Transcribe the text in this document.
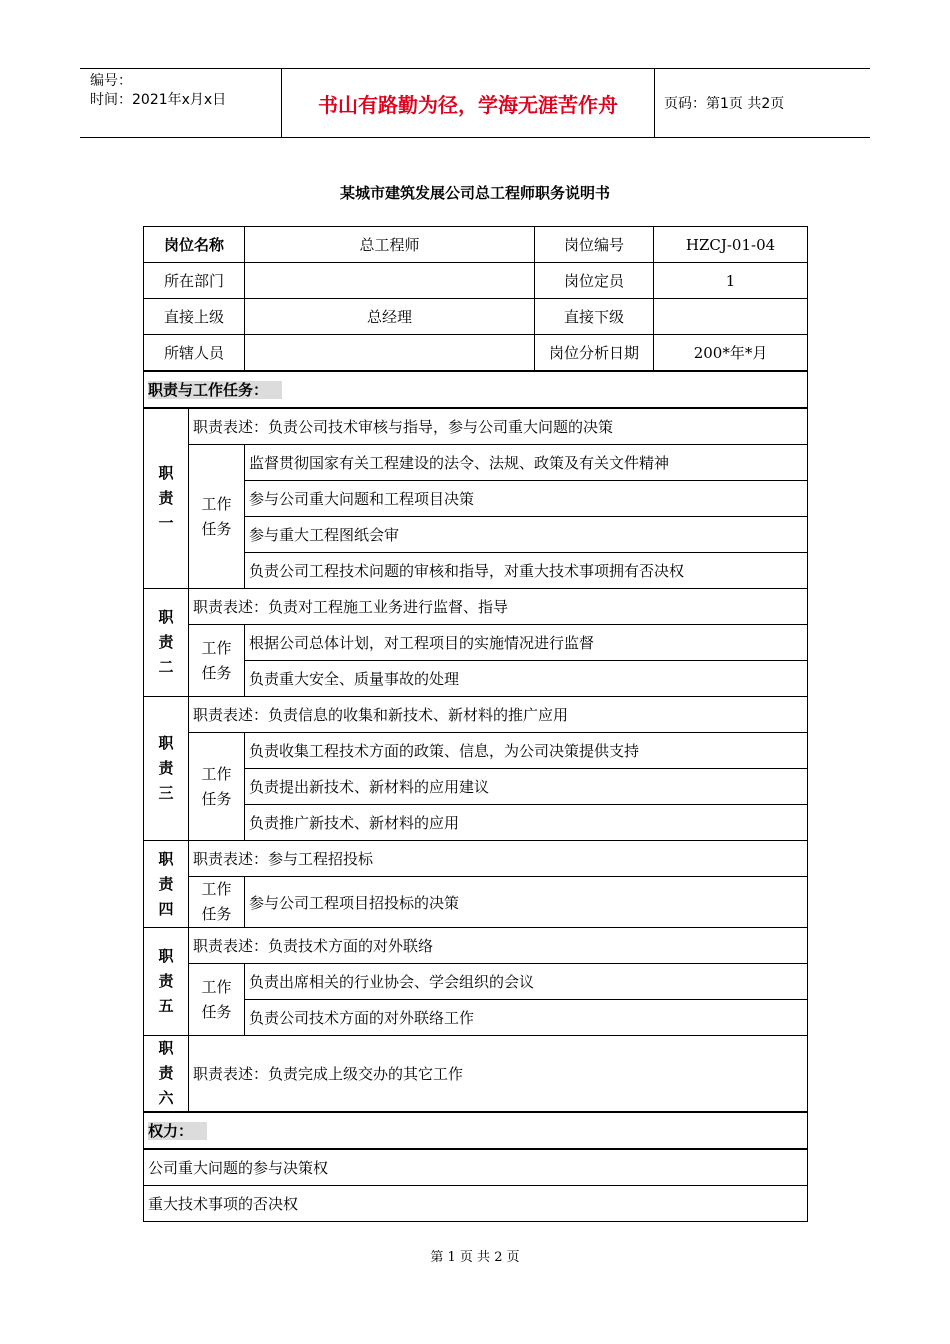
编号：
时间：2021年x月x日	书山有路勤为径，学海无涯苦作舟	页码：第1页 共2页
某城市建筑发展公司总工程师职务说明书
岗位名称		总工程师	岗位编号	HZCJ-01-04
所在部门			岗位定员	1
直接上级		总经理	直接下级	
所辖人员			岗位分析日期	200*年*月
职责与工作任务：				
职
责
一	职责表述：负责公司技术审核与指导，参与公司重大问题的决策			
	工作
任务	监督贯彻国家有关工程建设的法令、法规、政策及有关文件精神		
		参与公司重大问题和工程项目决策		
		参与重大工程图纸会审		
		负责公司工程技术问题的审核和指导，对重大技术事项拥有否决权		
职
责
二	职责表述：负责对工程施工业务进行监督、指导			
	工作
任务	根据公司总体计划，对工程项目的实施情况进行监督		
		负责重大安全、质量事故的处理		
职
责
三	职责表述：负责信息的收集和新技术、新材料的推广应用			
	工作
任务	负责收集工程技术方面的政策、信息，为公司决策提供支持		
		负责提出新技术、新材料的应用建议		
		负责推广新技术、新材料的应用		
职
责
四	职责表述：参与工程招投标			
	工作
任务	参与公司工程项目招投标的决策		
职
责
五	职责表述：负责技术方面的对外联络			
	工作
任务	负责出席相关的行业协会、学会组织的会议		
		负责公司技术方面的对外联络工作		
职
责
六	职责表述：负责完成上级交办的其它工作			
权力：				
公司重大问题的参与决策权				
重大技术事项的否决权				
第 1 页 共 2 页
